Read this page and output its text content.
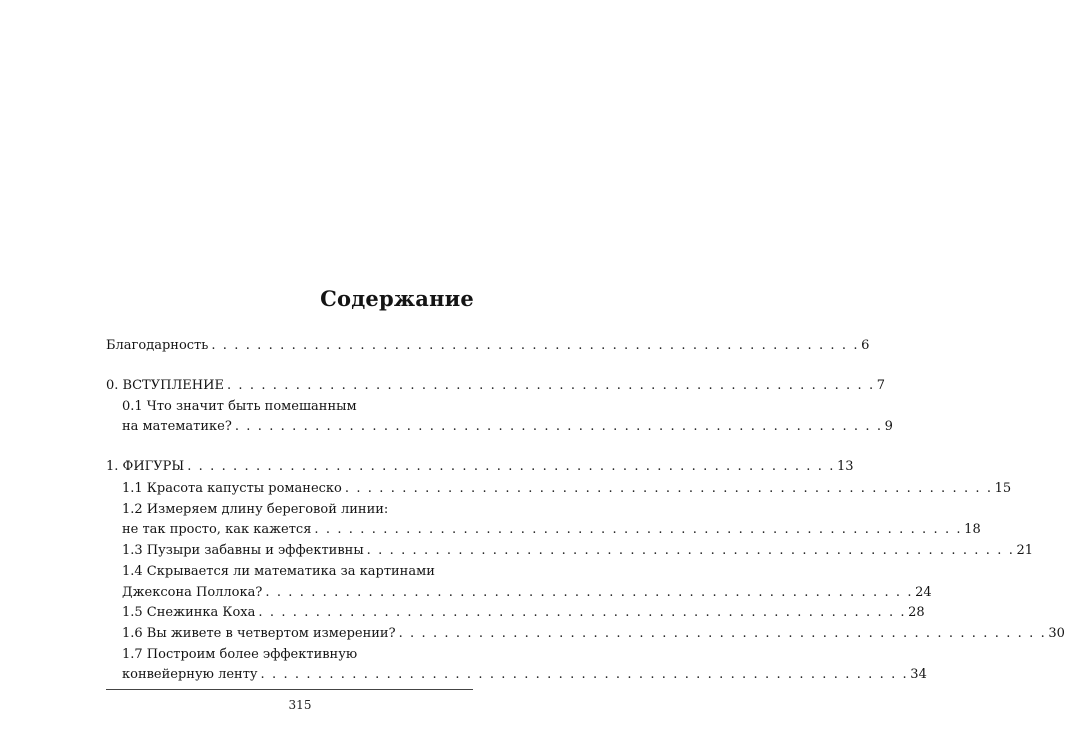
Содержание
Благодарность . . . . . . . . . . . . . . . . . . . . . . . . . . . . . . . . . . . . . . . . . . . . . . . . . . . . . . . . . 6
0. ВСТУПЛЕНИЕ . . . . . . . . . . . . . . . . . . . . . . . . . . . . . . . . . . . . . . . . . . . . . . . . . . . . . . . . . 7
0.1 Что значит быть помешанным
на математике? . . . . . . . . . . . . . . . . . . . . . . . . . . . . . . . . . . . . . . . . . . . . . . . . . . . . . . . . . 9
1. ФИГУРЫ . . . . . . . . . . . . . . . . . . . . . . . . . . . . . . . . . . . . . . . . . . . . . . . . . . . . . . . . . 13
1.1 Красота капусты романеско . . . . . . . . . . . . . . . . . . . . . . . . . . . . . . . . . . . . . . . . . . . . . . . . . . . . . . . . . 15
1.2 Измеряем длину береговой линии:
не так просто, как кажется . . . . . . . . . . . . . . . . . . . . . . . . . . . . . . . . . . . . . . . . . . . . . . . . . . . . . . . . . 18
1.3 Пузыри забавны и эффективны . . . . . . . . . . . . . . . . . . . . . . . . . . . . . . . . . . . . . . . . . . . . . . . . . . . . . . . . . 21
1.4 Скрывается ли математика за картинами
Джексона Поллока? . . . . . . . . . . . . . . . . . . . . . . . . . . . . . . . . . . . . . . . . . . . . . . . . . . . . . . . . . 24
1.5 Снежинка Коха . . . . . . . . . . . . . . . . . . . . . . . . . . . . . . . . . . . . . . . . . . . . . . . . . . . . . . . . . 28
1.6 Вы живете в четвертом измерении? . . . . . . . . . . . . . . . . . . . . . . . . . . . . . . . . . . . . . . . . . . . . . . . . . . . . . . . . . 30
1.7 Построим более эффективную
конвейерную ленту . . . . . . . . . . . . . . . . . . . . . . . . . . . . . . . . . . . . . . . . . . . . . . . . . . . . . . . . . 34
315
